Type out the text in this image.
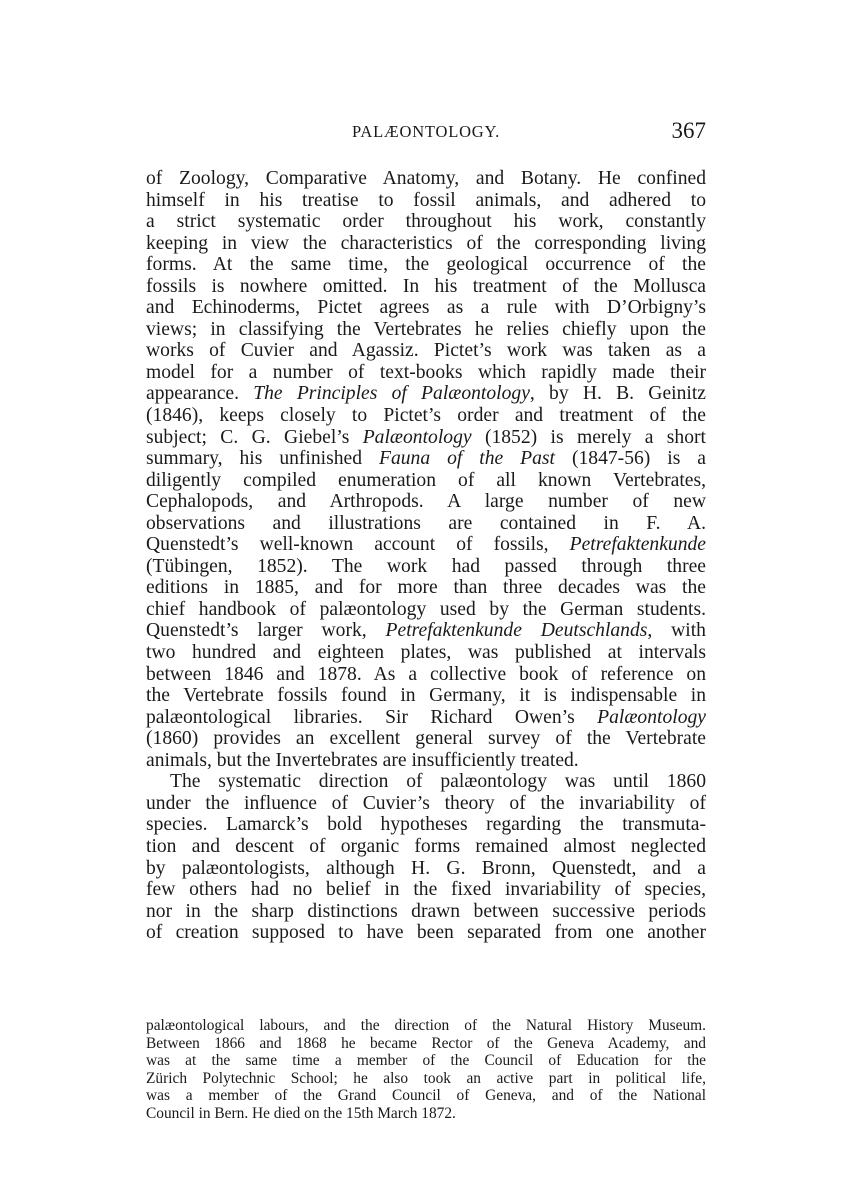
PALÆONTOLOGY.	367
of Zoology, Comparative Anatomy, and Botany. He confined
himself in his treatise to fossil animals, and adhered to
a strict systematic order throughout his work, constantly
keeping in view the characteristics of the corresponding living
forms. At the same time, the geological occurrence of the
fossils is nowhere omitted. In his treatment of the Mollusca
and Echinoderms, Pictet agrees as a rule with D’Orbigny’s
views; in classifying the Vertebrates he relies chiefly upon the
works of Cuvier and Agassiz. Pictet’s work was taken as a
model for a number of text-books which rapidly made their
appearance. The Principles of Palæontology, by H. B. Geinitz
(1846), keeps closely to Pictet’s order and treatment of the
subject; C. G. Giebel’s Palæontology (1852) is merely a short
summary, his unfinished Fauna of the Past (1847-56) is a
diligently compiled enumeration of all known Vertebrates,
Cephalopods, and Arthropods. A large number of new
observations and illustrations are contained in F. A.
Quenstedt’s well-known account of fossils, Petrefaktenkunde
(Tübingen, 1852). The work had passed through three
editions in 1885, and for more than three decades was the
chief handbook of palæontology used by the German students.
Quenstedt’s larger work, Petrefaktenkunde Deutschlands, with
two hundred and eighteen plates, was published at intervals
between 1846 and 1878. As a collective book of reference on
the Vertebrate fossils found in Germany, it is indispensable in
palæontological libraries. Sir Richard Owen’s Palæontology
(1860) provides an excellent general survey of the Vertebrate
animals, but the Invertebrates are insufficiently treated.
The systematic direction of palæontology was until 1860
under the influence of Cuvier’s theory of the invariability of
species. Lamarck’s bold hypotheses regarding the transmuta-
tion and descent of organic forms remained almost neglected
by palæontologists, although H. G. Bronn, Quenstedt, and a
few others had no belief in the fixed invariability of species,
nor in the sharp distinctions drawn between successive periods
of creation supposed to have been separated from one another
palæontological labours, and the direction of the Natural History Museum.
Between 1866 and 1868 he became Rector of the Geneva Academy, and
was at the same time a member of the Council of Education for the
Zürich Polytechnic School; he also took an active part in political life,
was a member of the Grand Council of Geneva, and of the National
Council in Bern. He died on the 15th March 1872.
